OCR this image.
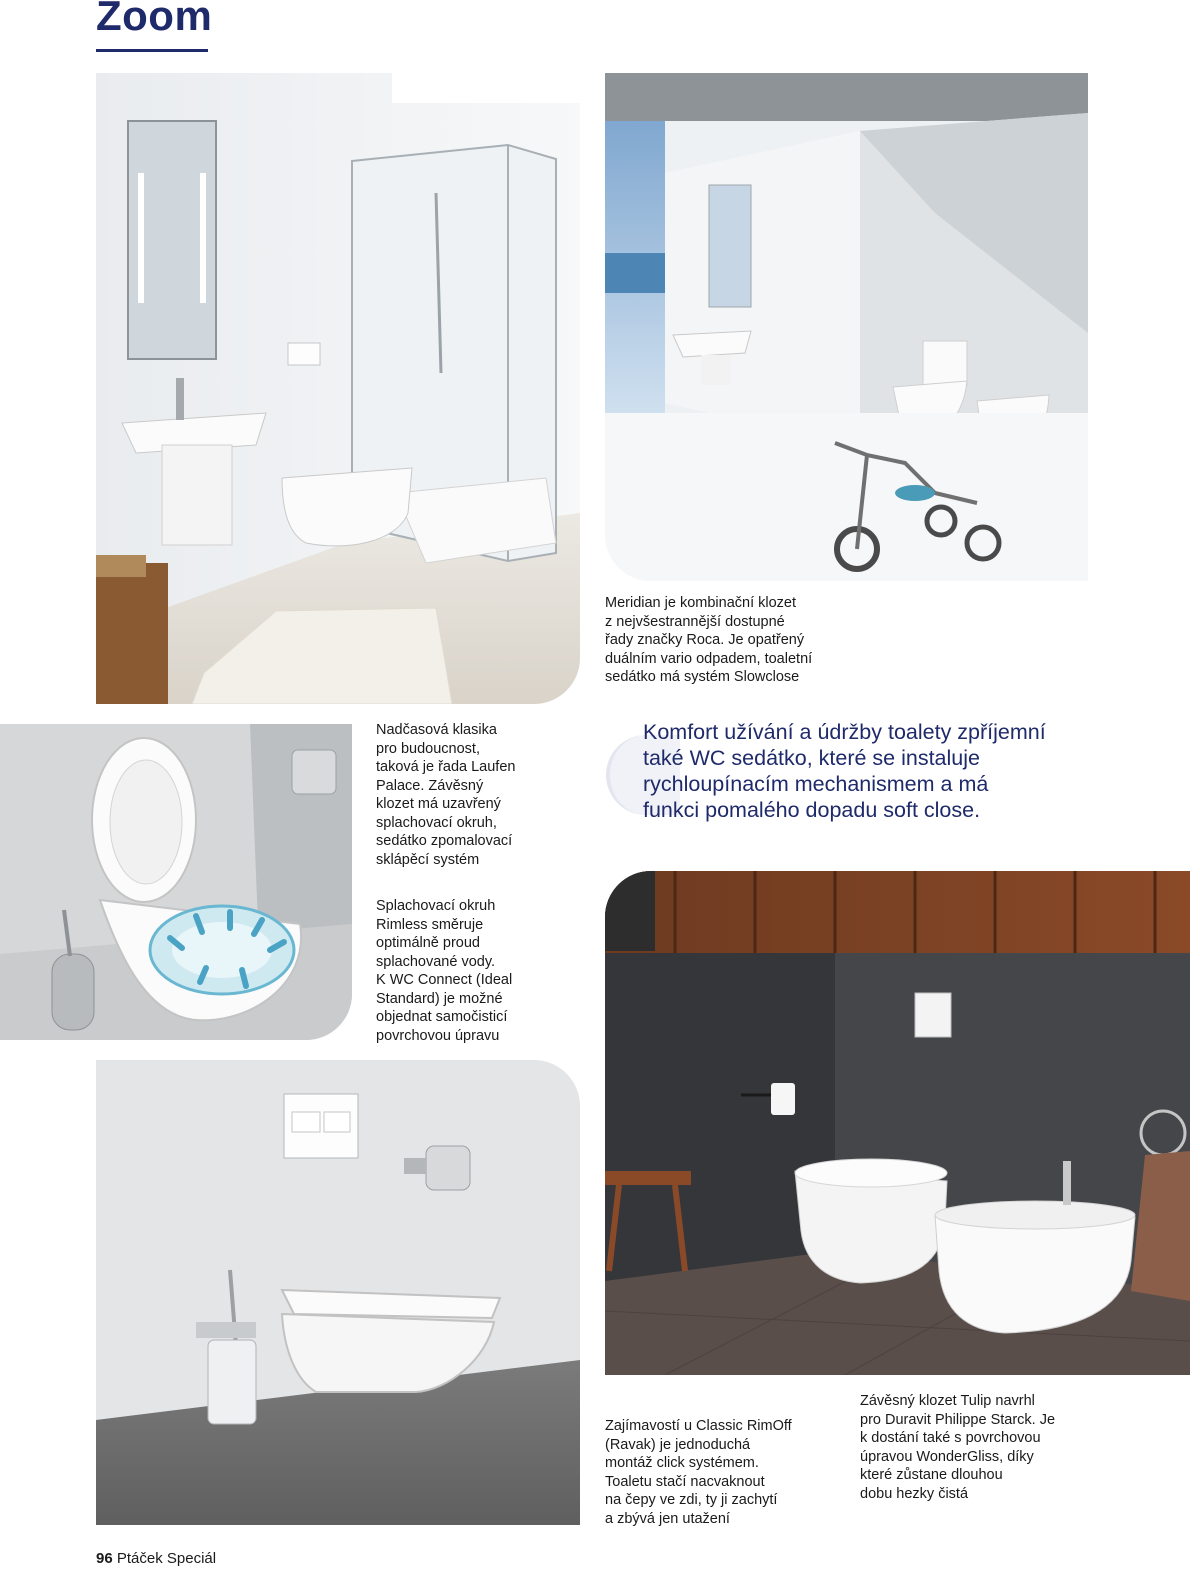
Zoom
Meridian je kombinační klozet
z nejvšestrannější dostupné
řady značky Roca. Je opatřený
duálním vario odpadem, toaletní
sedátko má systém Slowclose
Nadčasová klasika
pro budoucnost,
taková je řada Laufen
Palace. Závěsný
klozet má uzavřený
splachovací okruh,
sedátko zpomalovací
sklápěcí systém
Splachovací okruh
Rimless směruje
optimálně proud
splachované vody.
K WC Connect (Ideal
Standard) je možné
objednat samočisticí
povrchovou úpravu
Komfort užívání a údržby toalety zpříjemní
také WC sedátko, které se instaluje
rychloupínacím mechanismem a má
funkci pomalého dopadu soft close.
Zajímavostí u Classic RimOff
(Ravak) je jednoduchá
montáž click systémem.
Toaletu stačí nacvaknout
na čepy ve zdi, ty ji zachytí
a zbývá jen utažení
Závěsný klozet Tulip navrhl
pro Duravit Philippe Starck. Je
k dostání také s povrchovou
úpravou WonderGliss, díky
které zůstane dlouhou
dobu hezky čistá
96 Ptáček Speciál
